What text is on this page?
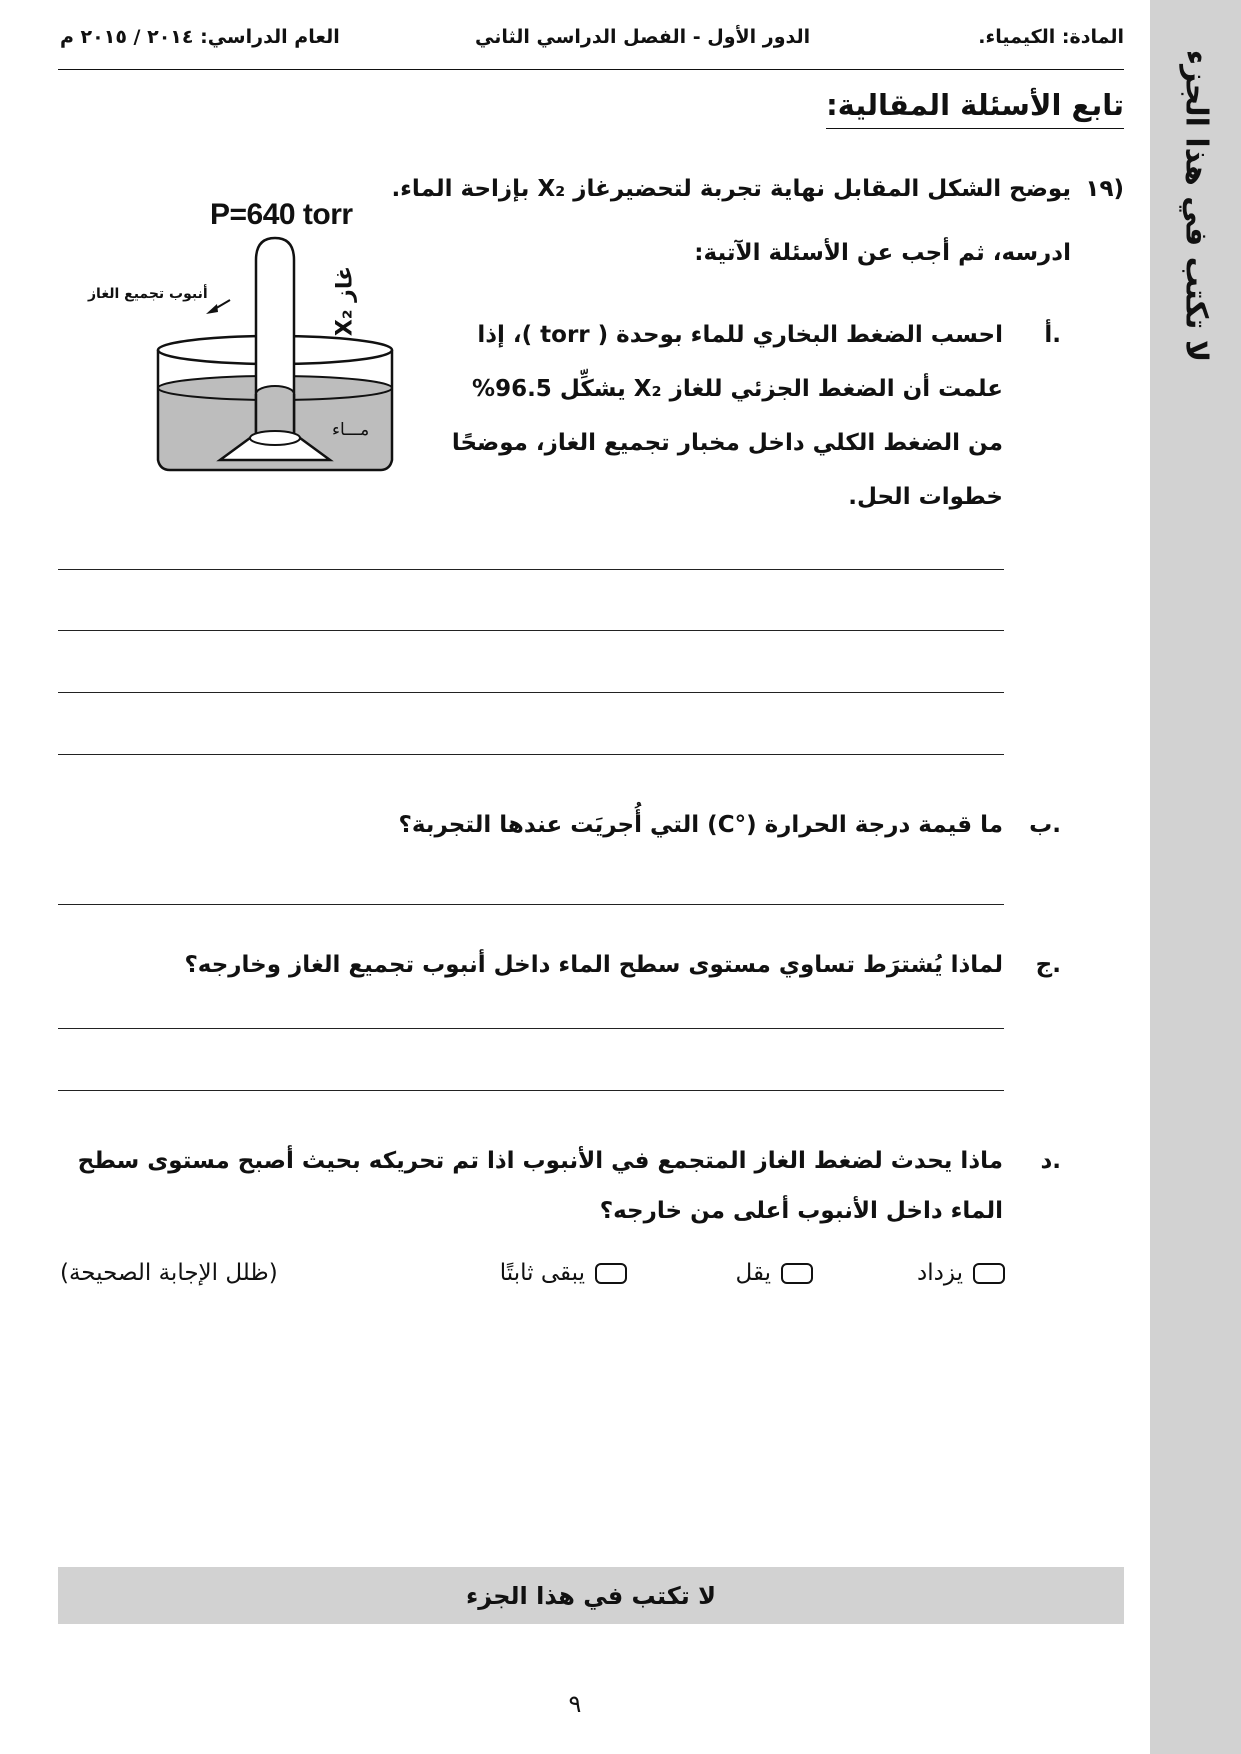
لا تكتب في هذا الجزء
المادة: الكيمياء.
الدور الأول - الفصل الدراسي الثاني
العام الدراسي: ٢٠١٤ / ٢٠١٥ م
تابع الأسئلة المقالية:
١٩)
يوضح الشكل المقابل نهاية تجربة لتحضيرغاز X₂ بإزاحة الماء.
ادرسه، ثم أجب عن الأسئلة الآتية:
P=640 torr
أنبوب تجميع الغاز
غاز X₂
مـــاء
أ.
احسب الضغط البخاري للماء بوحدة ( torr )، إذا
علمت أن الضغط الجزئي للغاز X₂ يشكِّل 96.5%
من الضغط الكلي داخل مخبار تجميع الغاز، موضحًا
خطوات الحل.
ب.
ما قيمة درجة الحرارة (°C) التي أُجريَت عندها التجربة؟
ج.
لماذا يُشترَط تساوي مستوى سطح الماء داخل أنبوب تجميع الغاز وخارجه؟
د.
ماذا يحدث لضغط الغاز المتجمع في الأنبوب اذا تم تحريكه بحيث أصبح مستوى سطح
الماء داخل الأنبوب أعلى من خارجه؟
يزداد
يقل
يبقى ثابتًا
(ظلل الإجابة الصحيحة)
لا تكتب في هذا الجزء
٩
